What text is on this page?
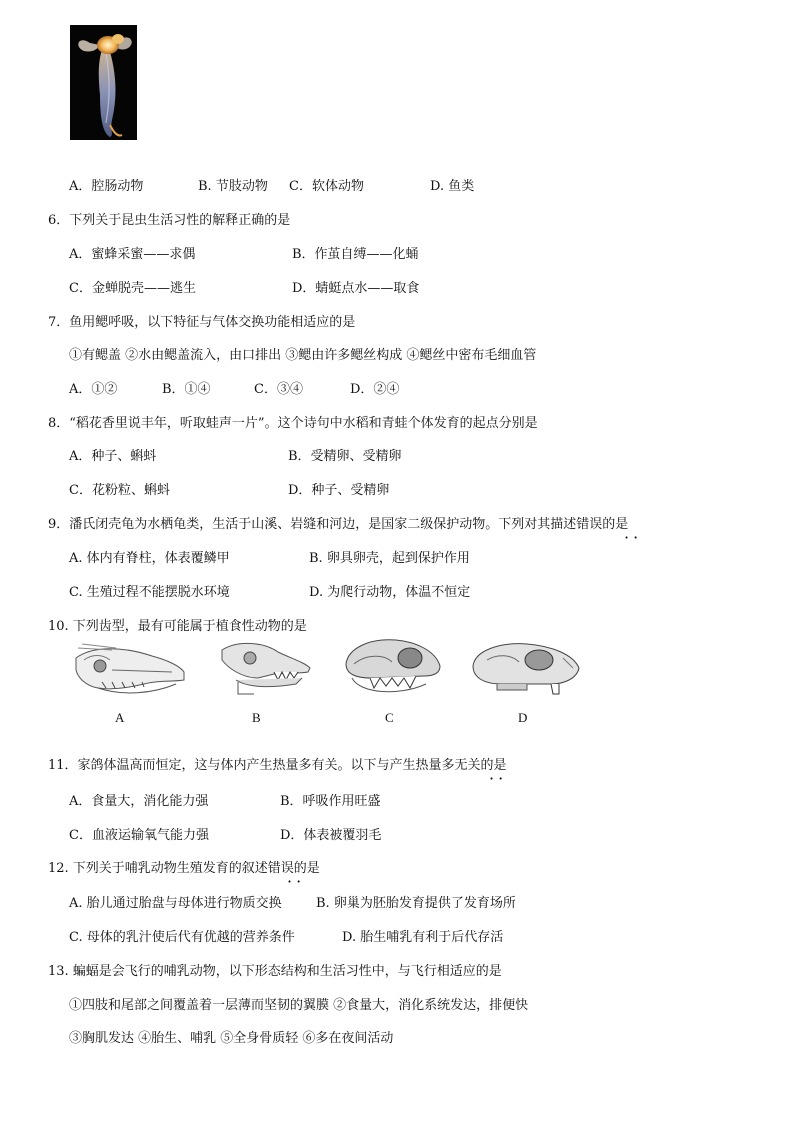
A．腔肠动物	B. 节肢动物 C．软体动物	D. 鱼类
6．下列关于昆虫生活习性的解释正确的是
A．蜜蜂采蜜——求偶	B．作茧自缚——化蛹
C．金蝉脱壳——逃生	D．蜻蜓点水——取食
7．鱼用鳃呼吸，以下特征与气体交换功能相适应的是
①有鳃盖 ②水由鳃盖流入，由口排出 ③鳃由许多鳃丝构成 ④鳃丝中密布毛细血管
A．①②	B．①④	C．③④	D．②④
8．“稻花香里说丰年，听取蛙声一片”。这个诗句中水稻和青蛙个体发育的起点分别是
A．种子、蝌蚪	B．受精卵、受精卵
C．花粉粒、蝌蚪	D．种子、受精卵
9．潘氏闭壳龟为水栖龟类，生活于山溪、岩缝和河边，是国家二级保护动物。下列对其描述错误的是
··
A. 体内有脊柱，体表覆鳞甲	B. 卵具卵壳，起到保护作用
C. 生殖过程不能摆脱水环境	D. 为爬行动物，体温不恒定
10. 下列齿型，最有可能属于植食性动物的是
A	B	C	D
11．家鸽体温高而恒定，这与体内产生热量多有关。以下与产生热量多无关的是
··
A．食量大，消化能力强	B．呼吸作用旺盛
C．血液运输氧气能力强	D．体表被覆羽毛
12. 下列关于哺乳动物生殖发育的叙述错误的是
··
A. 胎儿通过胎盘与母体进行物质交换	B. 卵巢为胚胎发育提供了发育场所
C. 母体的乳汁使后代有优越的营养条件	D. 胎生哺乳有利于后代存活
13. 蝙蝠是会飞行的哺乳动物，以下形态结构和生活习性中，与飞行相适应的是
①四肢和尾部之间覆盖着一层薄而坚韧的翼膜 ②食量大，消化系统发达，排便快
③胸肌发达 ④胎生、哺乳 ⑤全身骨质轻 ⑥多在夜间活动
